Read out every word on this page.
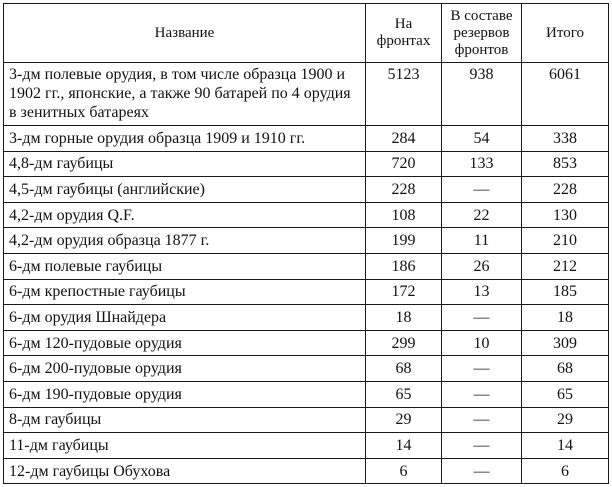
Название	На фронтах	В составе резервов фронтов	Итого
3-дм полевые орудия, в том числе образца 1900 и 1902 гг., японские, а также 90 батарей по 4 орудия в зенитных батареях	5123	938	6061
3-дм горные орудия образца 1909 и 1910 гг.	284	54	338
4,8-дм гаубицы	720	133	853
4,5-дм гаубицы (английские)	228	—	228
4,2-дм орудия Q.F.	108	22	130
4,2-дм орудия образца 1877 г.	199	11	210
6-дм полевые гаубицы	186	26	212
6-дм крепостные гаубицы	172	13	185
6-дм орудия Шнайдера	18	—	18
6-дм 120-пудовые орудия	299	10	309
6-дм 200-пудовые орудия	68	—	68
6-дм 190-пудовые орудия	65	—	65
8-дм гаубицы	29	—	29
11-дм гаубицы	14	—	14
12-дм гаубицы Обухова	6	—	6
